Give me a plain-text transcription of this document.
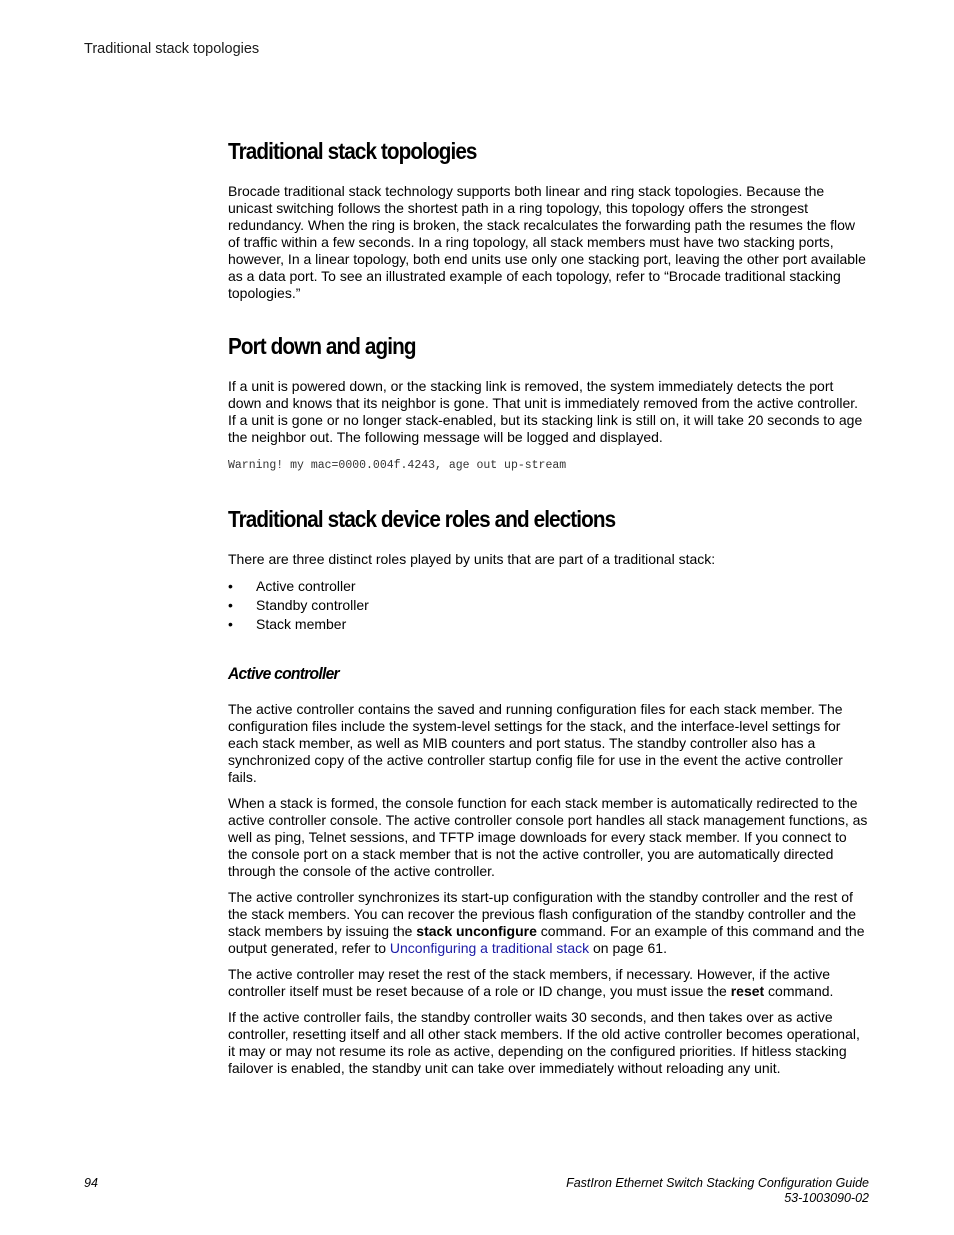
Traditional stack topologies
Traditional stack topologies

Brocade traditional stack technology supports both linear and ring stack topologies. Because the unicast switching follows the shortest path in a ring topology, this topology offers the strongest redundancy. When the ring is broken, the stack recalculates the forwarding path the resumes the flow of traffic within a few seconds. In a ring topology, all stack members must have two stacking ports, however, In a linear topology, both end units use only one stacking port, leaving the other port available as a data port. To see an illustrated example of each topology, refer to “Brocade traditional stacking topologies.”

Port down and aging

If a unit is powered down, or the stacking link is removed, the system immediately detects the port down and knows that its neighbor is gone. That unit is immediately removed from the active controller. If a unit is gone or no longer stack-enabled, but its stacking link is still on, it will take 20 seconds to age the neighbor out. The following message will be logged and displayed.

Warning! my mac=0000.004f.4243, age out up-stream
Traditional stack device roles and elections

There are three distinct roles played by units that are part of a traditional stack:

• Active controller
• Standby controller
• Stack member
Active controller

The active controller contains the saved and running configuration files for each stack member. The configuration files include the system-level settings for the stack, and the interface-level settings for each stack member, as well as MIB counters and port status. The standby controller also has a synchronized copy of the active controller startup config file for use in the event the active controller fails.

When a stack is formed, the console function for each stack member is automatically redirected to the active controller console. The active controller console port handles all stack management functions, as well as ping, Telnet sessions, and TFTP image downloads for every stack member. If you connect to the console port on a stack member that is not the active controller, you are automatically directed through the console of the active controller.

The active controller synchronizes its start-up configuration with the standby controller and the rest of the stack members. You can recover the previous flash configuration of the standby controller and the stack members by issuing the stack unconfigure command. For an example of this command and the output generated, refer to Unconfiguring a traditional stack on page 61.

The active controller may reset the rest of the stack members, if necessary. However, if the active controller itself must be reset because of a role or ID change, you must issue the reset command.

If the active controller fails, the standby controller waits 30 seconds, and then takes over as active controller, resetting itself and all other stack members. If the old active controller becomes operational, it may or may not resume its role as active, depending on the configured priorities. If hitless stacking failover is enabled, the standby unit can take over immediately without reloading any unit.

94	FastIron Ethernet Switch Stacking Configuration Guide
53-1003090-02
